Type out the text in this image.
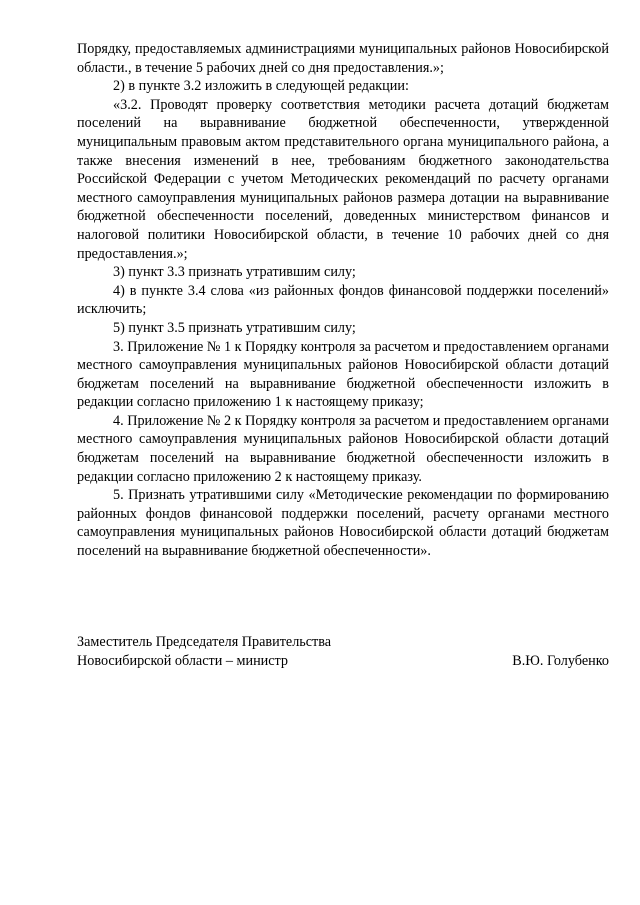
Порядку, предоставляемых администрациями муниципальных районов Новосибирской области., в течение 5 рабочих дней со дня предоставления.»;

2) в пункте 3.2 изложить в следующей редакции:

«3.2. Проводят проверку соответствия методики расчета дотаций бюджетам поселений на выравнивание бюджетной обеспеченности, утвержденной муниципальным правовым актом представительного органа муниципального района, а также внесения изменений в нее, требованиям бюджетного законодательства Российской Федерации с учетом Методических рекомендаций по расчету органами местного самоуправления муниципальных районов размера дотации на выравнивание бюджетной обеспеченности поселений, доведенных министерством финансов и налоговой политики Новосибирской области, в течение 10 рабочих дней со дня предоставления.»;

3) пункт 3.3 признать утратившим силу;

4) в пункте 3.4 слова «из районных фондов финансовой поддержки поселений» исключить;

5) пункт 3.5 признать утратившим силу;

3. Приложение № 1 к Порядку контроля за расчетом и предоставлением органами местного самоуправления муниципальных районов Новосибирской области дотаций бюджетам поселений на выравнивание бюджетной обеспеченности изложить в редакции согласно приложению 1 к настоящему приказу;

4. Приложение № 2 к Порядку контроля за расчетом и предоставлением органами местного самоуправления муниципальных районов Новосибирской области дотаций бюджетам поселений на выравнивание бюджетной обеспеченности изложить в редакции согласно приложению 2 к настоящему приказу.

5. Признать утратившими силу «Методические рекомендации по формированию районных фондов финансовой поддержки поселений, расчету органами местного самоуправления муниципальных районов Новосибирской области дотаций бюджетам поселений на выравнивание бюджетной обеспеченности».

Заместитель Председателя Правительства
Новосибирской области – министр	В.Ю. Голубенко
